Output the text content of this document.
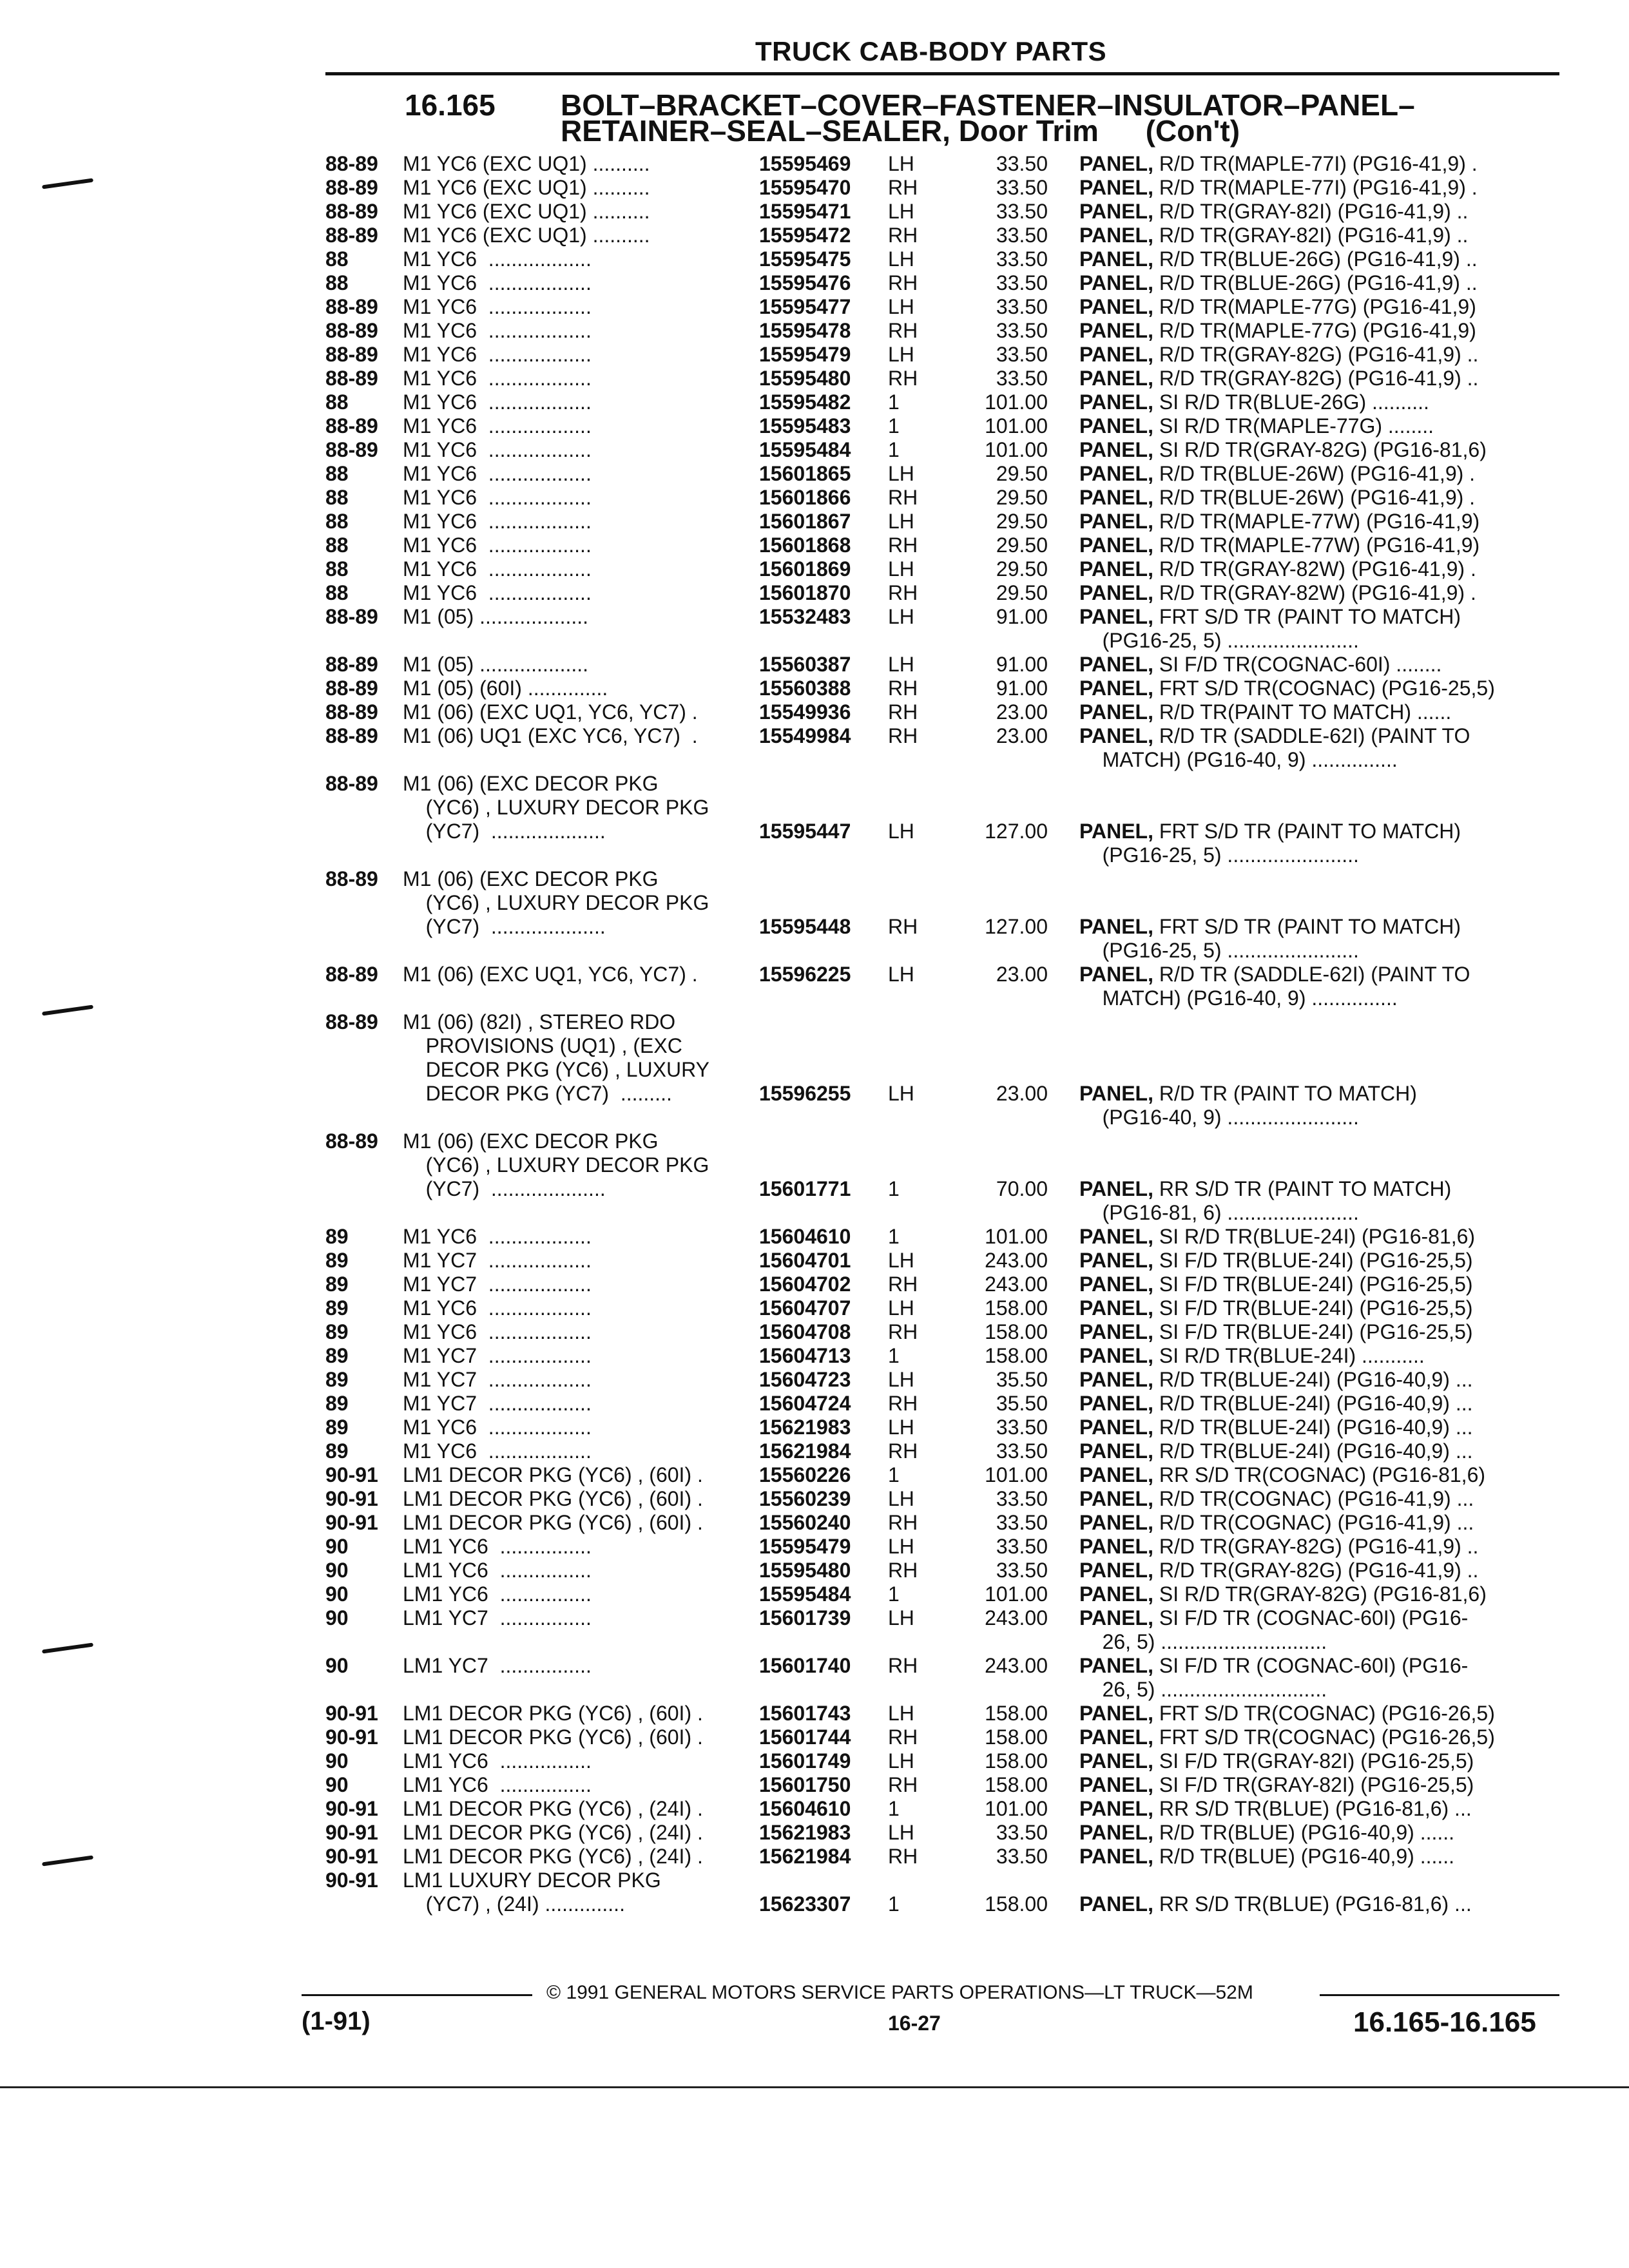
TRUCK CAB-BODY PARTS
16.165 BOLT–BRACKET–COVER–FASTENER–INSULATOR–PANEL–
RETAINER–SEAL–SEALER, Door Trim (Con't)
88-89 M1 YC6 (EXC UQ1) ..........	15595469 LH	33.50 PANEL, R/D TR(MAPLE-77I) (PG16-41,9) .
88-89 M1 YC6 (EXC UQ1) ..........	15595470 RH	33.50 PANEL, R/D TR(MAPLE-77I) (PG16-41,9) .
88-89 M1 YC6 (EXC UQ1) ..........	15595471 LH	33.50 PANEL, R/D TR(GRAY-82I) (PG16-41,9) ..
88-89 M1 YC6 (EXC UQ1) ..........	15595472 RH	33.50 PANEL, R/D TR(GRAY-82I) (PG16-41,9) ..
88	M1 YC6  ..................	15595475 LH	33.50 PANEL, R/D TR(BLUE-26G) (PG16-41,9) ..
88	M1 YC6  ..................	15595476 RH	33.50 PANEL, R/D TR(BLUE-26G) (PG16-41,9) ..
88-89 M1 YC6  ..................	15595477 LH	33.50 PANEL, R/D TR(MAPLE-77G) (PG16-41,9)
88-89 M1 YC6  ..................	15595478 RH	33.50 PANEL, R/D TR(MAPLE-77G) (PG16-41,9)
88-89 M1 YC6  ..................	15595479 LH	33.50 PANEL, R/D TR(GRAY-82G) (PG16-41,9) ..
88-89 M1 YC6  ..................	15595480 RH	33.50 PANEL, R/D TR(GRAY-82G) (PG16-41,9) ..
88	M1 YC6  ..................	15595482 1	101.00 PANEL, SI R/D TR(BLUE-26G) ..........
88-89 M1 YC6  ..................	15595483 1	101.00 PANEL, SI R/D TR(MAPLE-77G) ........
88-89 M1 YC6  ..................	15595484 1	101.00 PANEL, SI R/D TR(GRAY-82G) (PG16-81,6)
88	M1 YC6  ..................	15601865 LH	29.50 PANEL, R/D TR(BLUE-26W) (PG16-41,9) .
88	M1 YC6  ..................	15601866 RH	29.50 PANEL, R/D TR(BLUE-26W) (PG16-41,9) .
88	M1 YC6  ..................	15601867 LH	29.50 PANEL, R/D TR(MAPLE-77W) (PG16-41,9)
88	M1 YC6  ..................	15601868 RH	29.50 PANEL, R/D TR(MAPLE-77W) (PG16-41,9)
88	M1 YC6  ..................	15601869 LH	29.50 PANEL, R/D TR(GRAY-82W) (PG16-41,9) .
88	M1 YC6  ..................	15601870 RH	29.50 PANEL, R/D TR(GRAY-82W) (PG16-41,9) .
88-89 M1 (05) ...................	15532483 LH	91.00 PANEL, FRT S/D TR (PAINT TO MATCH)
(PG16-25, 5) .......................
88-89 M1 (05) ...................	15560387 LH	91.00 PANEL, SI F/D TR(COGNAC-60I) ........
88-89 M1 (05) (60I) ..............	15560388 RH	91.00 PANEL, FRT S/D TR(COGNAC) (PG16-25,5)
88-89 M1 (06) (EXC UQ1, YC6, YC7) .	15549936 RH	23.00 PANEL, R/D TR(PAINT TO MATCH) ......
88-89 M1 (06) UQ1 (EXC YC6, YC7)  .	15549984 RH	23.00 PANEL, R/D TR (SADDLE-62I) (PAINT TO
MATCH) (PG16-40, 9) ...............
88-89 M1 (06) (EXC DECOR PKG
(YC6) , LUXURY DECOR PKG
(YC7)  ....................	15595447 LH	127.00 PANEL, FRT S/D TR (PAINT TO MATCH)
(PG16-25, 5) .......................
88-89 M1 (06) (EXC DECOR PKG
(YC6) , LUXURY DECOR PKG
(YC7)  ....................	15595448 RH	127.00 PANEL, FRT S/D TR (PAINT TO MATCH)
(PG16-25, 5) .......................
88-89 M1 (06) (EXC UQ1, YC6, YC7) .	15596225 LH	23.00 PANEL, R/D TR (SADDLE-62I) (PAINT TO
MATCH) (PG16-40, 9) ...............
88-89 M1 (06) (82I) , STEREO RDO
PROVISIONS (UQ1) , (EXC
DECOR PKG (YC6) , LUXURY
DECOR PKG (YC7)  .........	15596255 LH	23.00 PANEL, R/D TR (PAINT TO MATCH)
(PG16-40, 9) .......................
88-89 M1 (06) (EXC DECOR PKG
(YC6) , LUXURY DECOR PKG
(YC7)  ....................	15601771 1	70.00 PANEL, RR S/D TR (PAINT TO MATCH)
(PG16-81, 6) .......................
89	M1 YC6  ..................	15604610 1	101.00 PANEL, SI R/D TR(BLUE-24I) (PG16-81,6)
89	M1 YC7  ..................	15604701 LH	243.00 PANEL, SI F/D TR(BLUE-24I) (PG16-25,5)
89	M1 YC7  ..................	15604702 RH	243.00 PANEL, SI F/D TR(BLUE-24I) (PG16-25,5)
89	M1 YC6  ..................	15604707 LH	158.00 PANEL, SI F/D TR(BLUE-24I) (PG16-25,5)
89	M1 YC6  ..................	15604708 RH	158.00 PANEL, SI F/D TR(BLUE-24I) (PG16-25,5)
89	M1 YC7  ..................	15604713 1	158.00 PANEL, SI R/D TR(BLUE-24I) ...........
89	M1 YC7  ..................	15604723 LH	35.50 PANEL, R/D TR(BLUE-24I) (PG16-40,9) ...
89	M1 YC7  ..................	15604724 RH	35.50 PANEL, R/D TR(BLUE-24I) (PG16-40,9) ...
89	M1 YC6  ..................	15621983 LH	33.50 PANEL, R/D TR(BLUE-24I) (PG16-40,9) ...
89	M1 YC6  ..................	15621984 RH	33.50 PANEL, R/D TR(BLUE-24I) (PG16-40,9) ...
90-91 LM1 DECOR PKG (YC6) , (60I) .	15560226 1	101.00 PANEL, RR S/D TR(COGNAC) (PG16-81,6)
90-91 LM1 DECOR PKG (YC6) , (60I) .	15560239 LH	33.50 PANEL, R/D TR(COGNAC) (PG16-41,9) ...
90-91 LM1 DECOR PKG (YC6) , (60I) .	15560240 RH	33.50 PANEL, R/D TR(COGNAC) (PG16-41,9) ...
90	LM1 YC6  ................	15595479 LH	33.50 PANEL, R/D TR(GRAY-82G) (PG16-41,9) ..
90	LM1 YC6  ................	15595480 RH	33.50 PANEL, R/D TR(GRAY-82G) (PG16-41,9) ..
90	LM1 YC6  ................	15595484 1	101.00 PANEL, SI R/D TR(GRAY-82G) (PG16-81,6)
90	LM1 YC7  ................	15601739 LH	243.00 PANEL, SI F/D TR (COGNAC-60I) (PG16-
26, 5) .............................
90	LM1 YC7  ................	15601740 RH	243.00 PANEL, SI F/D TR (COGNAC-60I) (PG16-
26, 5) .............................
90-91 LM1 DECOR PKG (YC6) , (60I) .	15601743 LH	158.00 PANEL, FRT S/D TR(COGNAC) (PG16-26,5)
90-91 LM1 DECOR PKG (YC6) , (60I) .	15601744 RH	158.00 PANEL, FRT S/D TR(COGNAC) (PG16-26,5)
90	LM1 YC6  ................	15601749 LH	158.00 PANEL, SI F/D TR(GRAY-82I) (PG16-25,5)
90	LM1 YC6  ................	15601750 RH	158.00 PANEL, SI F/D TR(GRAY-82I) (PG16-25,5)
90-91 LM1 DECOR PKG (YC6) , (24I) .	15604610 1	101.00 PANEL, RR S/D TR(BLUE) (PG16-81,6) ...
90-91 LM1 DECOR PKG (YC6) , (24I) .	15621983 LH	33.50 PANEL, R/D TR(BLUE) (PG16-40,9) ......
90-91 LM1 DECOR PKG (YC6) , (24I) .	15621984 RH	33.50 PANEL, R/D TR(BLUE) (PG16-40,9) ......
90-91 LM1 LUXURY DECOR PKG
(YC7) , (24I) ..............	15623307 1	158.00 PANEL, RR S/D TR(BLUE) (PG16-81,6) ...
© 1991 GENERAL MOTORS SERVICE PARTS OPERATIONS—LT TRUCK—52M
(1-91)	16-27	16.165-16.165
